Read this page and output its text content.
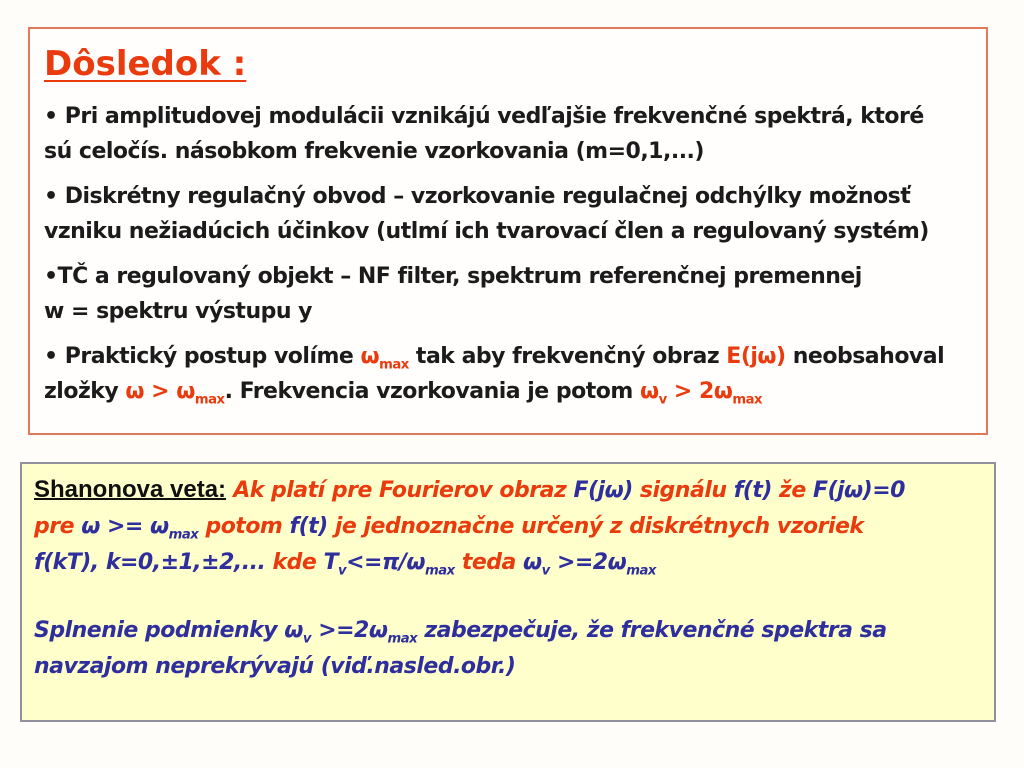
Dôsledok :

• Pri amplitudovej modulácii vznikájú vedľajšie frekvenčné spektrá, ktoré
sú celočís. násobkom frekvenie vzorkovania (m=0,1,...)

• Diskrétny regulačný obvod – vzorkovanie regulačnej odchýlky možnosť
vzniku nežiadúcich účinkov (utlmí ich tvarovací člen a regulovaný systém)

•TČ a regulovaný objekt – NF filter, spektrum referenčnej premennej
w = spektru výstupu y

• Praktický postup volíme $\omega_{max}$ tak aby frekvenčný obraz E(jω) neobsahoval
zložky $\omega > \omega_{max}$. Frekvencia vzorkovania je potom $\omega_v > 2\omega_{max}$

Shanonova veta: Ak platí pre Fourierov obraz F(jω) signálu f(t) že F(jω)=0
pre $\omega >= \omega_{max}$ potom f(t) je jednoznačne určený z diskrétnych vzoriek
f(kT), k=0,±1,±2,... kde $T_v<=\pi/\omega_{max}$ teda $\omega_v >=2\omega_{max}$

Splnenie podmienky $\omega_v >=2\omega_{max}$ zabezpečuje, že frekvenčné spektra sa
navzajom neprekrývajú (viď.nasled.obr.)
